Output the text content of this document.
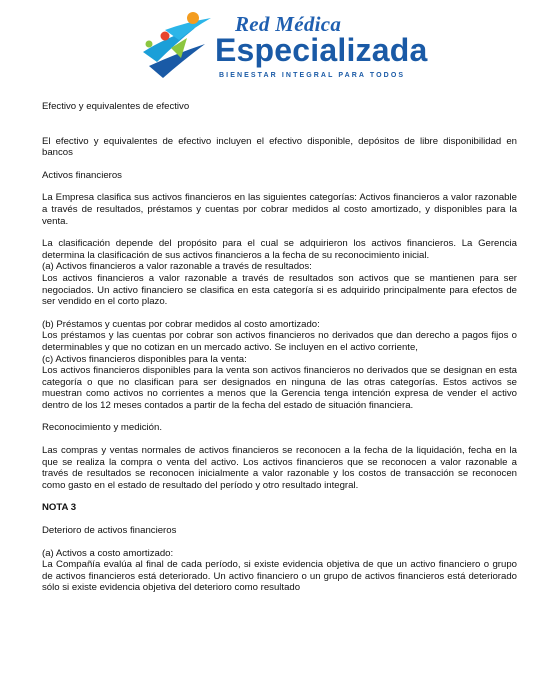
Red Médica
Especializada
BIENESTAR INTEGRAL PARA TODOS

Efectivo y equivalentes de efectivo

El efectivo y equivalentes de efectivo incluyen el efectivo disponible, depósitos de libre disponibilidad en bancos

Activos financieros

La Empresa clasifica sus activos financieros en las siguientes categorías: Activos financieros a valor razonable a través de resultados, préstamos y cuentas por cobrar medidos al costo amortizado, y disponibles para la venta.

La clasificación depende del propósito para el cual se adquirieron los activos financieros. La Gerencia determina la clasificación de sus activos financieros a la fecha de su reconocimiento inicial.

(a) Activos financieros a valor razonable a través de resultados:

Los activos financieros a valor razonable a través de resultados son activos que se mantienen para ser negociados. Un activo financiero se clasifica en esta categoría si es adquirido principalmente para efectos de ser vendido en el corto plazo.

(b) Préstamos y cuentas por cobrar medidos al costo amortizado:

Los préstamos y las cuentas por cobrar son activos financieros no derivados que dan derecho a pagos fijos o determinables y que no cotizan en un mercado activo. Se incluyen en el activo corriente,

(c) Activos financieros disponibles para la venta:

Los activos financieros disponibles para la venta son activos financieros no derivados que se designan en esta categoría o que no clasifican para ser designados en ninguna de las otras categorías. Estos activos se muestran como activos no corrientes a menos que la Gerencia tenga intención expresa de vender el activo dentro de los 12 meses contados a partir de la fecha del estado de situación financiera.

Reconocimiento y medición.

Las compras y ventas normales de activos financieros se reconocen a la fecha de la liquidación, fecha en la que se realiza la compra o venta del activo. Los activos financieros que se reconocen a valor razonable a través de resultados se reconocen inicialmente a valor razonable y los costos de transacción se reconocen como gasto en el estado de resultado del período y otro resultado integral.

NOTA 3

Deterioro de activos financieros

(a) Activos a costo amortizado:

La Compañía evalúa al final de cada período, si existe evidencia objetiva de que un activo financiero o grupo de activos financieros está deteriorado. Un activo financiero o un grupo de activos financieros está deteriorado sólo si existe evidencia objetiva del deterioro como resultado
